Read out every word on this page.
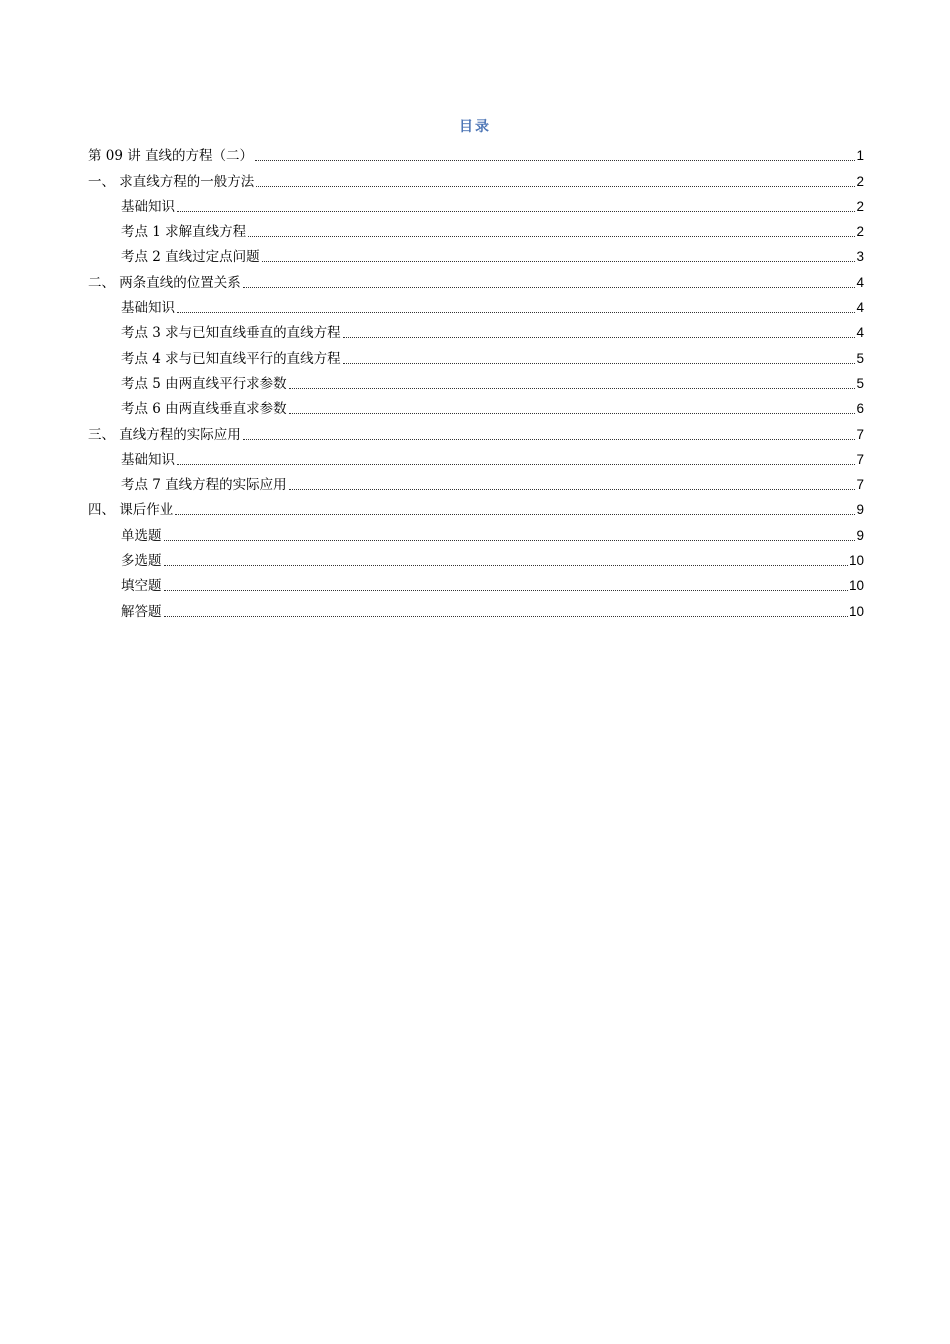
目录
第 09 讲 直线的方程（二）	1
一、 求直线方程的一般方法	2
基础知识	2
考点 1 求解直线方程	2
考点 2 直线过定点问题	3
二、 两条直线的位置关系	4
基础知识	4
考点 3 求与已知直线垂直的直线方程	4
考点 4 求与已知直线平行的直线方程	5
考点 5 由两直线平行求参数	5
考点 6 由两直线垂直求参数	6
三、 直线方程的实际应用	7
基础知识	7
考点 7 直线方程的实际应用	7
四、 课后作业	9
单选题	9
多选题	10
填空题	10
解答题	10
